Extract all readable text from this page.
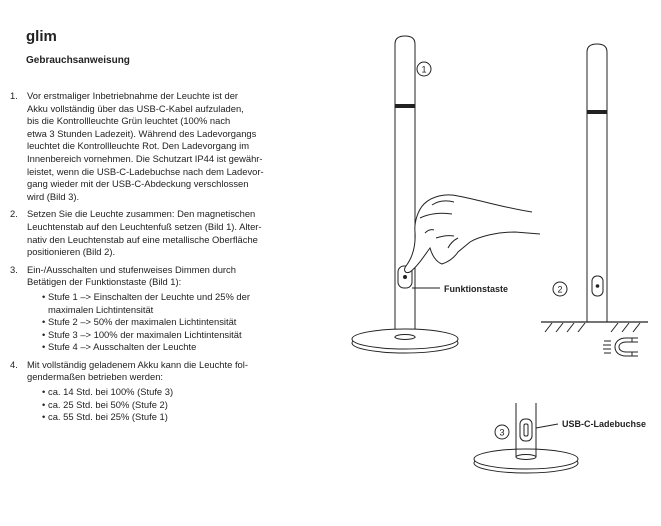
glim
Gebrauchsanweisung
1. Vor erstmaliger Inbetriebnahme der Leuchte ist der
Akku vollständig über das USB-C-Kabel aufzuladen,
bis die Kontrollleuchte Grün leuchtet (100% nach
etwa 3 Stunden Ladezeit). Während des Ladevorgangs
leuchtet die Kontrollleuchte Rot. Den Ladevorgang im
Innenbereich vornehmen. Die Schutzart IP44 ist gewähr-
leistet, wenn die USB-C-Ladebuchse nach dem Ladevor-
gang wieder mit der USB-C-Abdeckung verschlossen
wird (Bild 3).
2. Setzen Sie die Leuchte zusammen: Den magnetischen
Leuchtenstab auf den Leuchtenfuß setzen (Bild 1). Alter-
nativ den Leuchtenstab auf eine metallische Oberfläche
positionieren (Bild 2).
3. Ein-/Ausschalten und stufenweises Dimmen durch
Betätigen der Funktionstaste (Bild 1):
• Stufe 1 –> Einschalten der Leuchte und 25% der
maximalen Lichtintensität
• Stufe 2 –> 50% der maximalen Lichtintensität
• Stufe 3 –> 100% der maximalen Lichtintensität
• Stufe 4 –> Ausschalten der Leuchte
4. Mit vollständig geladenem Akku kann die Leuchte fol-
gendermaßen betrieben werden:
• ca. 14 Std. bei 100% (Stufe 3)
• ca. 25 Std. bei 50% (Stufe 2)
• ca. 55 Std. bei 25% (Stufe 1)
1
Funktionstaste	2
3
USB-C-Ladebuchse
